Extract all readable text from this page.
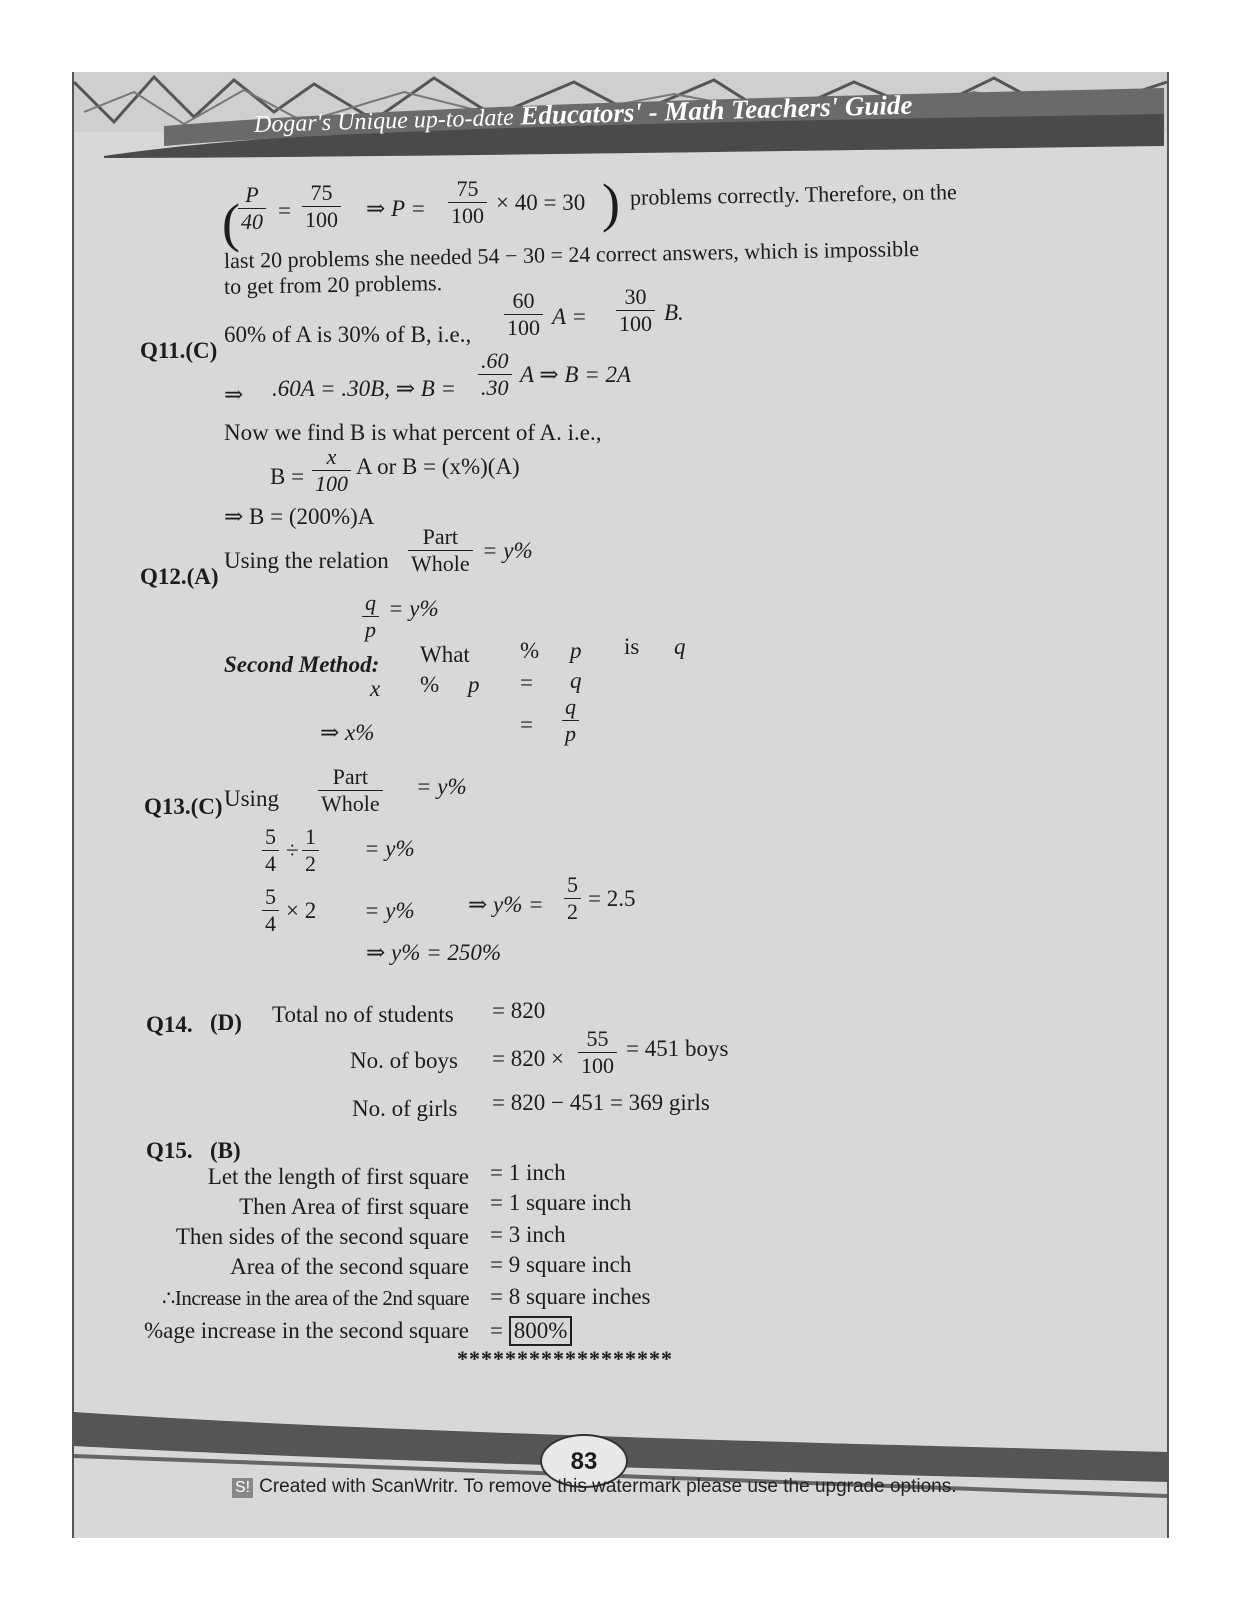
Dogar's Unique up-to-date Educators' - Math Teachers' Guide
(
$\frac{P}{40} = \frac{75}{100}$ ⇒ $P = \frac{75}{100} \times 40 = 30$ ) problems correctly. Therefore, on the
last 20 problems she needed 54 − 30 = 24 correct answers, which is impossible
to get from 20 problems.
Q11.(C)
60% of A is 30% of B, i.e., $\frac{60}{100}$ $A = \frac{30}{100} B$.
⇒ .60A = .30B, ⇒ $B = \frac{.60}{.30}$ A ⇒ B = 2A
Now we find B is what percent of A. i.e.,
$B = \frac{x}{100}$ A or B = (x%)(A)
⇒ B = (200%)A
Q12.(A)
Using the relation
Part
Whole
= y%
$\frac{q}{p} = y\%$
Second Method: What % p is q
x % p = q
⇒ x%	= $\frac{q}{p}$
Q13.(C) Using
Part
Whole
= y%
$\frac{5}{4} \div \frac{1}{2} = y\%$
$\frac{5}{4} \times 2 = y\%$ ⇒ $y\% = \frac{5}{2} = 2.5$
⇒ y% = 250%
Q14. (D) Total no of students = 820
No. of boys = $820 \times \frac{55}{100} = 451$ boys
No. of girls = 820 − 451 = 369 girls
Q15. (B)
Let the length of first square = 1 inch
Then Area of first square = 1 square inch
Then sides of the second square = 3 inch
Area of the second square = 9 square inch
∴Increase in the area of the 2nd square = 8 square inches
%age increase in the second square = 800%
******************
83
S! Created with ScanWritr. To remove this watermark please use the upgrade options.
